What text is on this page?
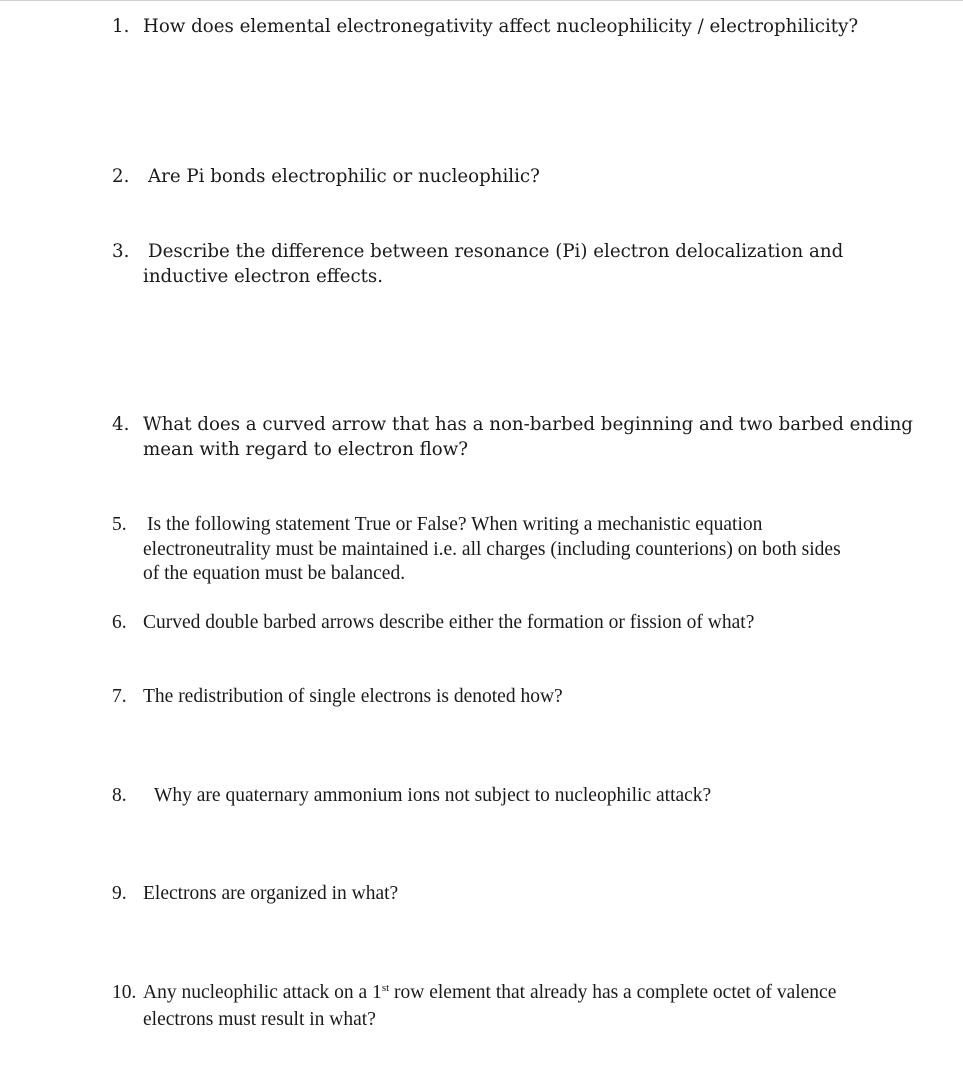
1. How does elemental electronegativity affect nucleophilicity / electrophilicity?
2. Are Pi bonds electrophilic or nucleophilic?
3. Describe the difference between resonance (Pi) electron delocalization and
inductive electron effects.
4. What does a curved arrow that has a non-barbed beginning and two barbed ending
mean with regard to electron flow?
5. Is the following statement True or False? When writing a mechanistic equation
electroneutrality must be maintained i.e. all charges (including counterions) on both sides
of the equation must be balanced.
6. Curved double barbed arrows describe either the formation or fission of what?
7. The redistribution of single electrons is denoted how?
8. Why are quaternary ammonium ions not subject to nucleophilic attack?
9. Electrons are organized in what?
10. Any nucleophilic attack on a 1st row element that already has a complete octet of valence
electrons must result in what?
